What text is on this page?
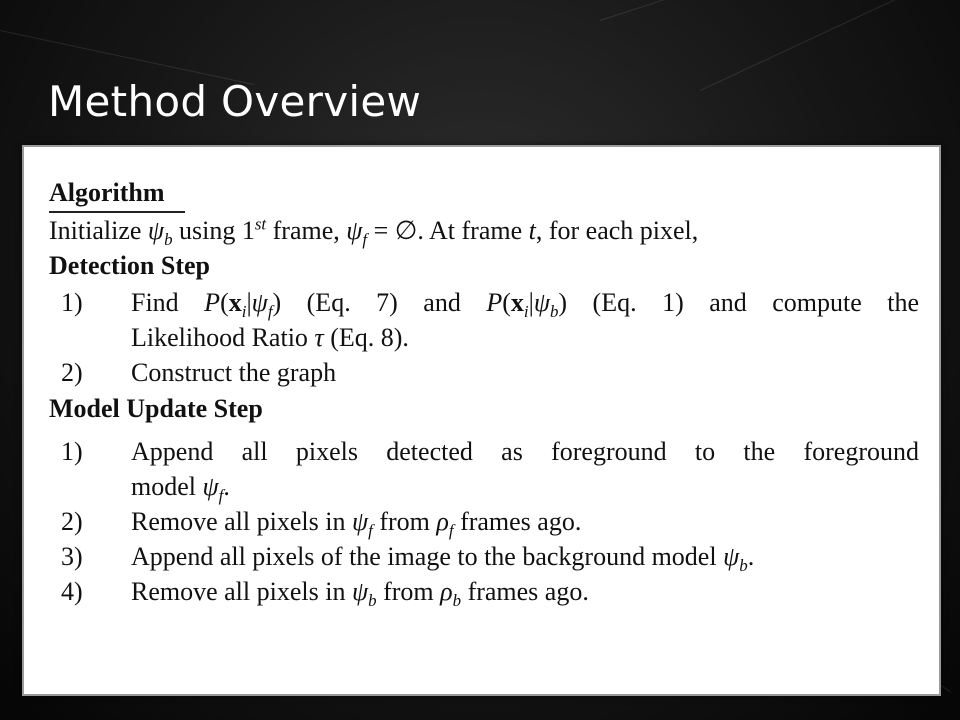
Method Overview
Algorithm
Initialize $\psi_b$ using 1st frame, $\psi_f$ = ∅. At frame t, for each pixel,
Detection Step
1)	Find $P(x_i|\psi_f)$ (Eq. 7) and $P(x_i|\psi_b)$ (Eq. 1) and compute the
Likelihood Ratio τ (Eq. 8).
2)	Construct the graph
Model Update Step
1)	Append all pixels detected as foreground to the foreground
model $\psi_f$.
2)	Remove all pixels in $\psi_f$ from $\rho_f$ frames ago.
3)	Append all pixels of the image to the background model $\psi_b$.
4)	Remove all pixels in $\psi_b$ from $\rho_b$ frames ago.
